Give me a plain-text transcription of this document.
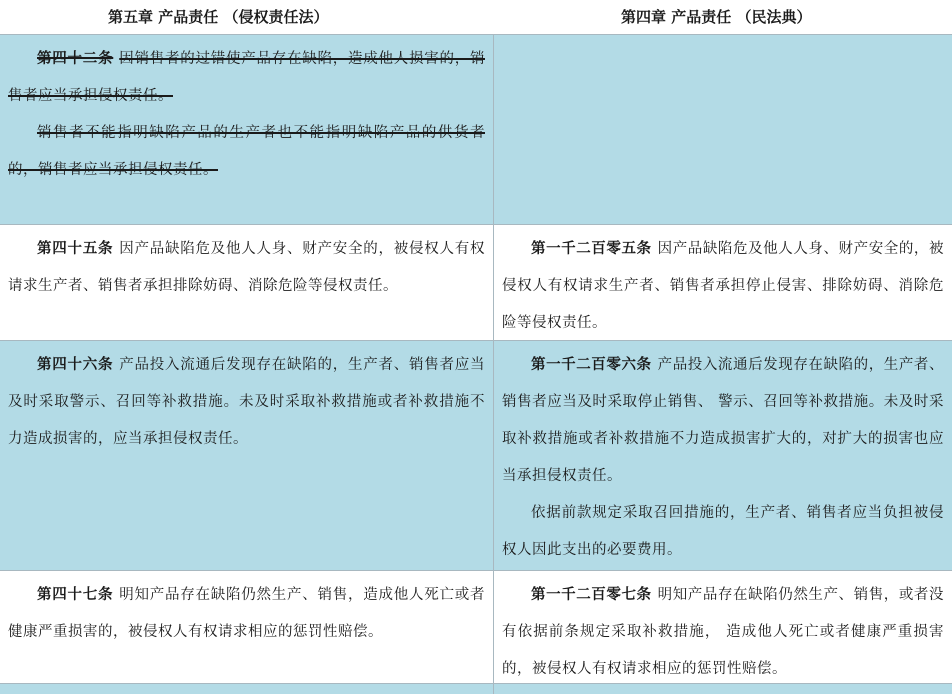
第五章 产品责任 （侵权责任法）	第四章 产品责任 （民法典）

第四十二条 因销售者的过错使产品存在缺陷，造成他人损害的，销售者应当承担侵权责任。

销售者不能指明缺陷产品的生产者也不能指明缺陷产品的供货者的，销售者应当承担侵权责任。

第四十五条 因产品缺陷危及他人人身、财产安全的，被侵权人有权请求生产者、销售者承担排除妨碍、消除危险等侵权责任。

第一千二百零五条 因产品缺陷危及他人人身、财产安全的，被侵权人有权请求生产者、销售者承担停止侵害、排除妨碍、消除危险等侵权责任。

第四十六条 产品投入流通后发现存在缺陷的，生产者、销售者应当及时采取警示、召回等补救措施。未及时采取补救措施或者补救措施不力造成损害的，应当承担侵权责任。

第一千二百零六条 产品投入流通后发现存在缺陷的，生产者、 销售者应当及时采取停止销售、 警示、召回等补救措施。未及时采取补救措施或者补救措施不力造成损害扩大的，对扩大的损害也应当承担侵权责任。

依据前款规定采取召回措施的，生产者、销售者应当负担被侵权人因此支出的必要费用。

第四十七条 明知产品存在缺陷仍然生产、销售，造成他人死亡或者健康严重损害的，被侵权人有权请求相应的惩罚性赔偿。

第一千二百零七条 明知产品存在缺陷仍然生产、销售，或者没有依据前条规定采取补救措施， 造成他人死亡或者健康严重损害的，被侵权人有权请求相应的惩罚性赔偿。
